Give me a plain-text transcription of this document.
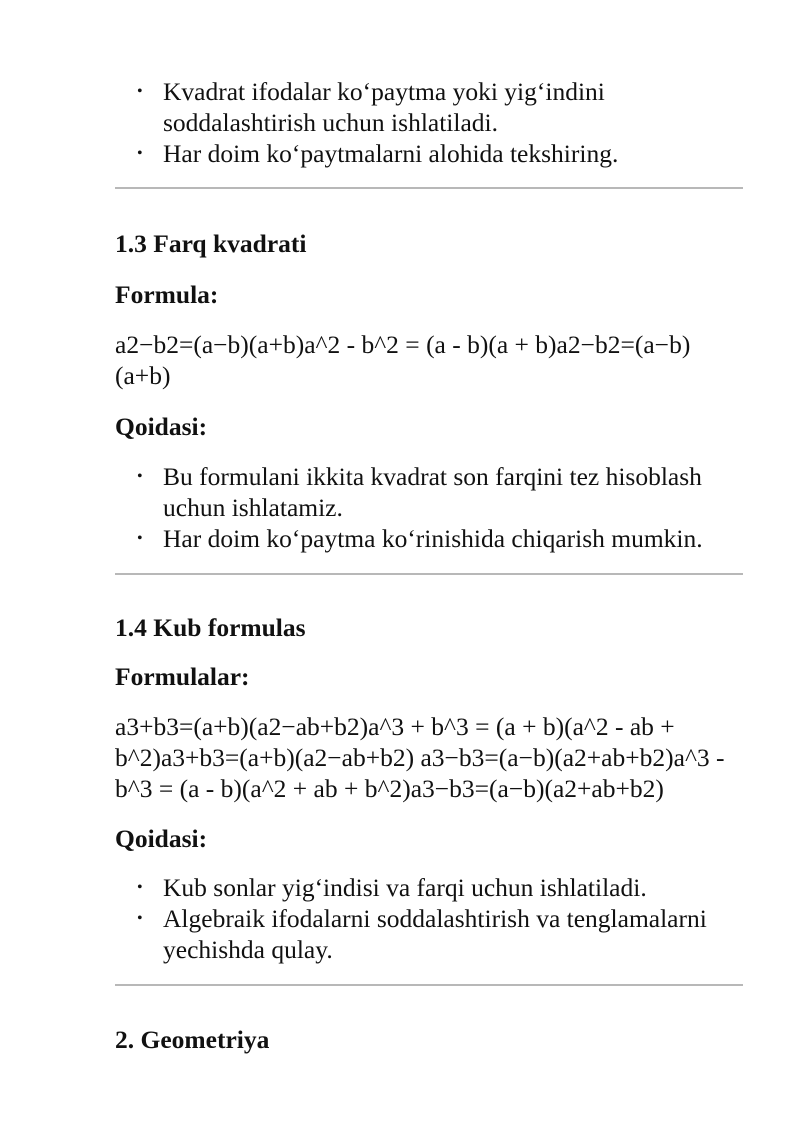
• Kvadrat ifodalar ko‘paytma yoki yig‘indini soddalashtirish uchun ishlatiladi.
• Har doim ko‘paytmalarni alohida tekshiring.
1.3 Farq kvadrati

Formula:

a2−b2=(a−b)(a+b)a^2 - b^2 = (a - b)(a + b)a2−b2=(a−b)(a+b)

Qoidasi:

• Bu formulani ikkita kvadrat son farqini tez hisoblash uchun ishlatamiz.
• Har doim ko‘paytma ko‘rinishida chiqarish mumkin.
1.4 Kub formulas

Formulalar:

a3+b3=(a+b)(a2−ab+b2)a^3 + b^3 = (a + b)(a^2 - ab + b^2)a3+b3=(a+b)(a2−ab+b2) a3−b3=(a−b)(a2+ab+b2)a^3 - b^3 = (a - b)(a^2 + ab + b^2)a3−b3=(a−b)(a2+ab+b2)

Qoidasi:

• Kub sonlar yig‘indisi va farqi uchun ishlatiladi.
• Algebraik ifodalarni soddalashtirish va tenglamalarni yechishda qulay.
2. Geometriya
